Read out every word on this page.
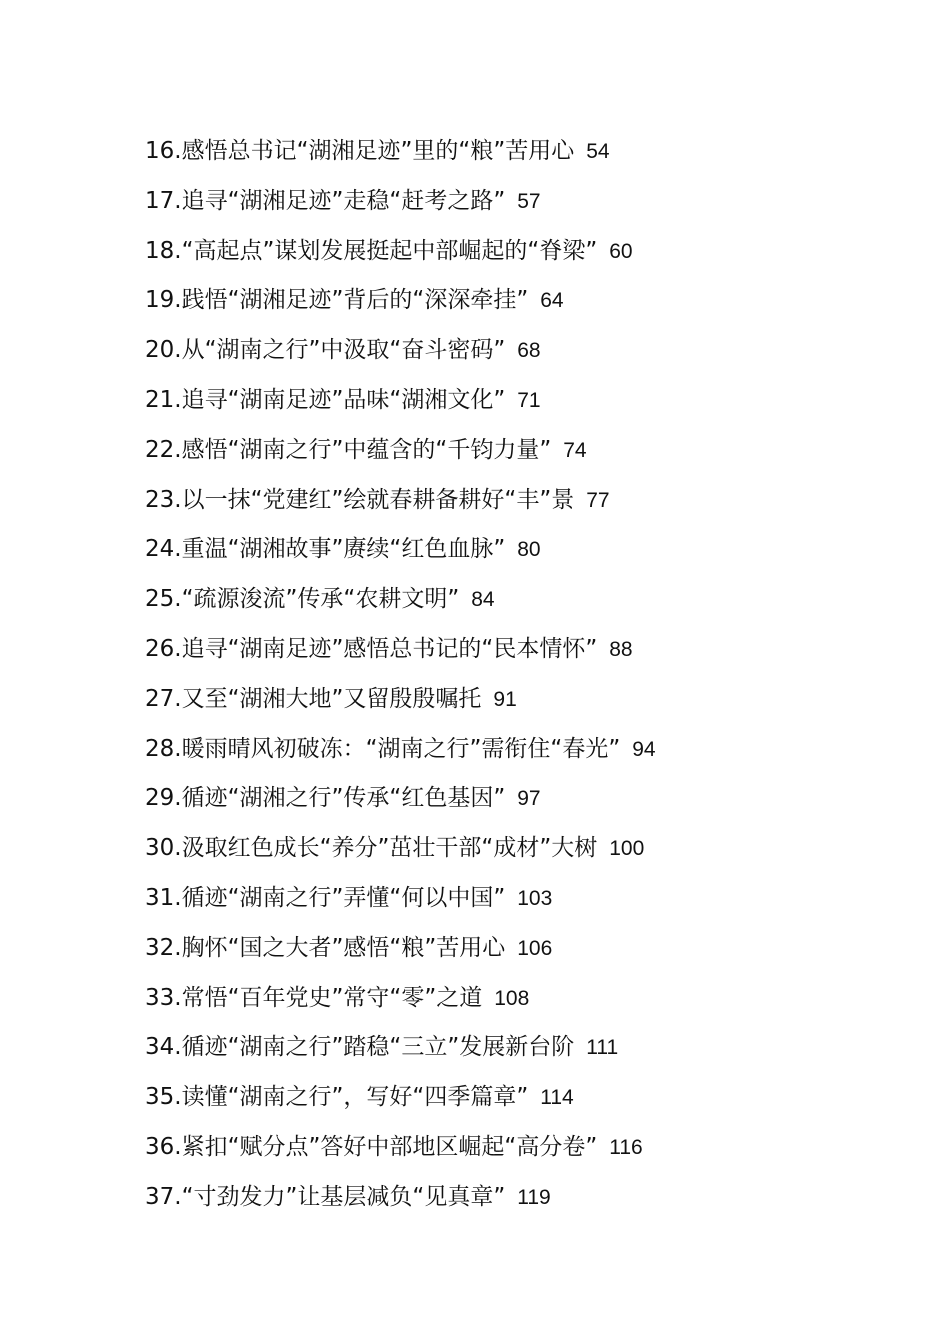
16.感悟总书记“湖湘足迹”里的“粮”苦用心 54
17.追寻“湖湘足迹”走稳“赶考之路” 57
18.“高起点”谋划发展挺起中部崛起的“脊梁” 60
19.践悟“湖湘足迹”背后的“深深牵挂” 64
20.从“湖南之行”中汲取“奋斗密码” 68
21.追寻“湖南足迹”品味“湖湘文化” 71
22.感悟“湖南之行”中蕴含的“千钧力量” 74
23.以一抹“党建红”绘就春耕备耕好“丰”景 77
24.重温“湖湘故事”赓续“红色血脉” 80
25.“疏源浚流”传承“农耕文明” 84
26.追寻“湖南足迹”感悟总书记的“民本情怀” 88
27.又至“湖湘大地”又留殷殷嘱托 91
28.暖雨晴风初破冻：“湖南之行”需衔住“春光” 94
29.循迹“湖湘之行”传承“红色基因” 97
30.汲取红色成长“养分”茁壮干部“成材”大树 100
31.循迹“湖南之行”弄懂“何以中国” 103
32.胸怀“国之大者”感悟“粮”苦用心 106
33.常悟“百年党史”常守“零”之道 108
34.循迹“湖南之行”踏稳“三立”发展新台阶 111
35.读懂“湖南之行”，写好“四季篇章” 114
36.紧扣“赋分点”答好中部地区崛起“高分卷” 116
37.“寸劲发力”让基层减负“见真章” 119
